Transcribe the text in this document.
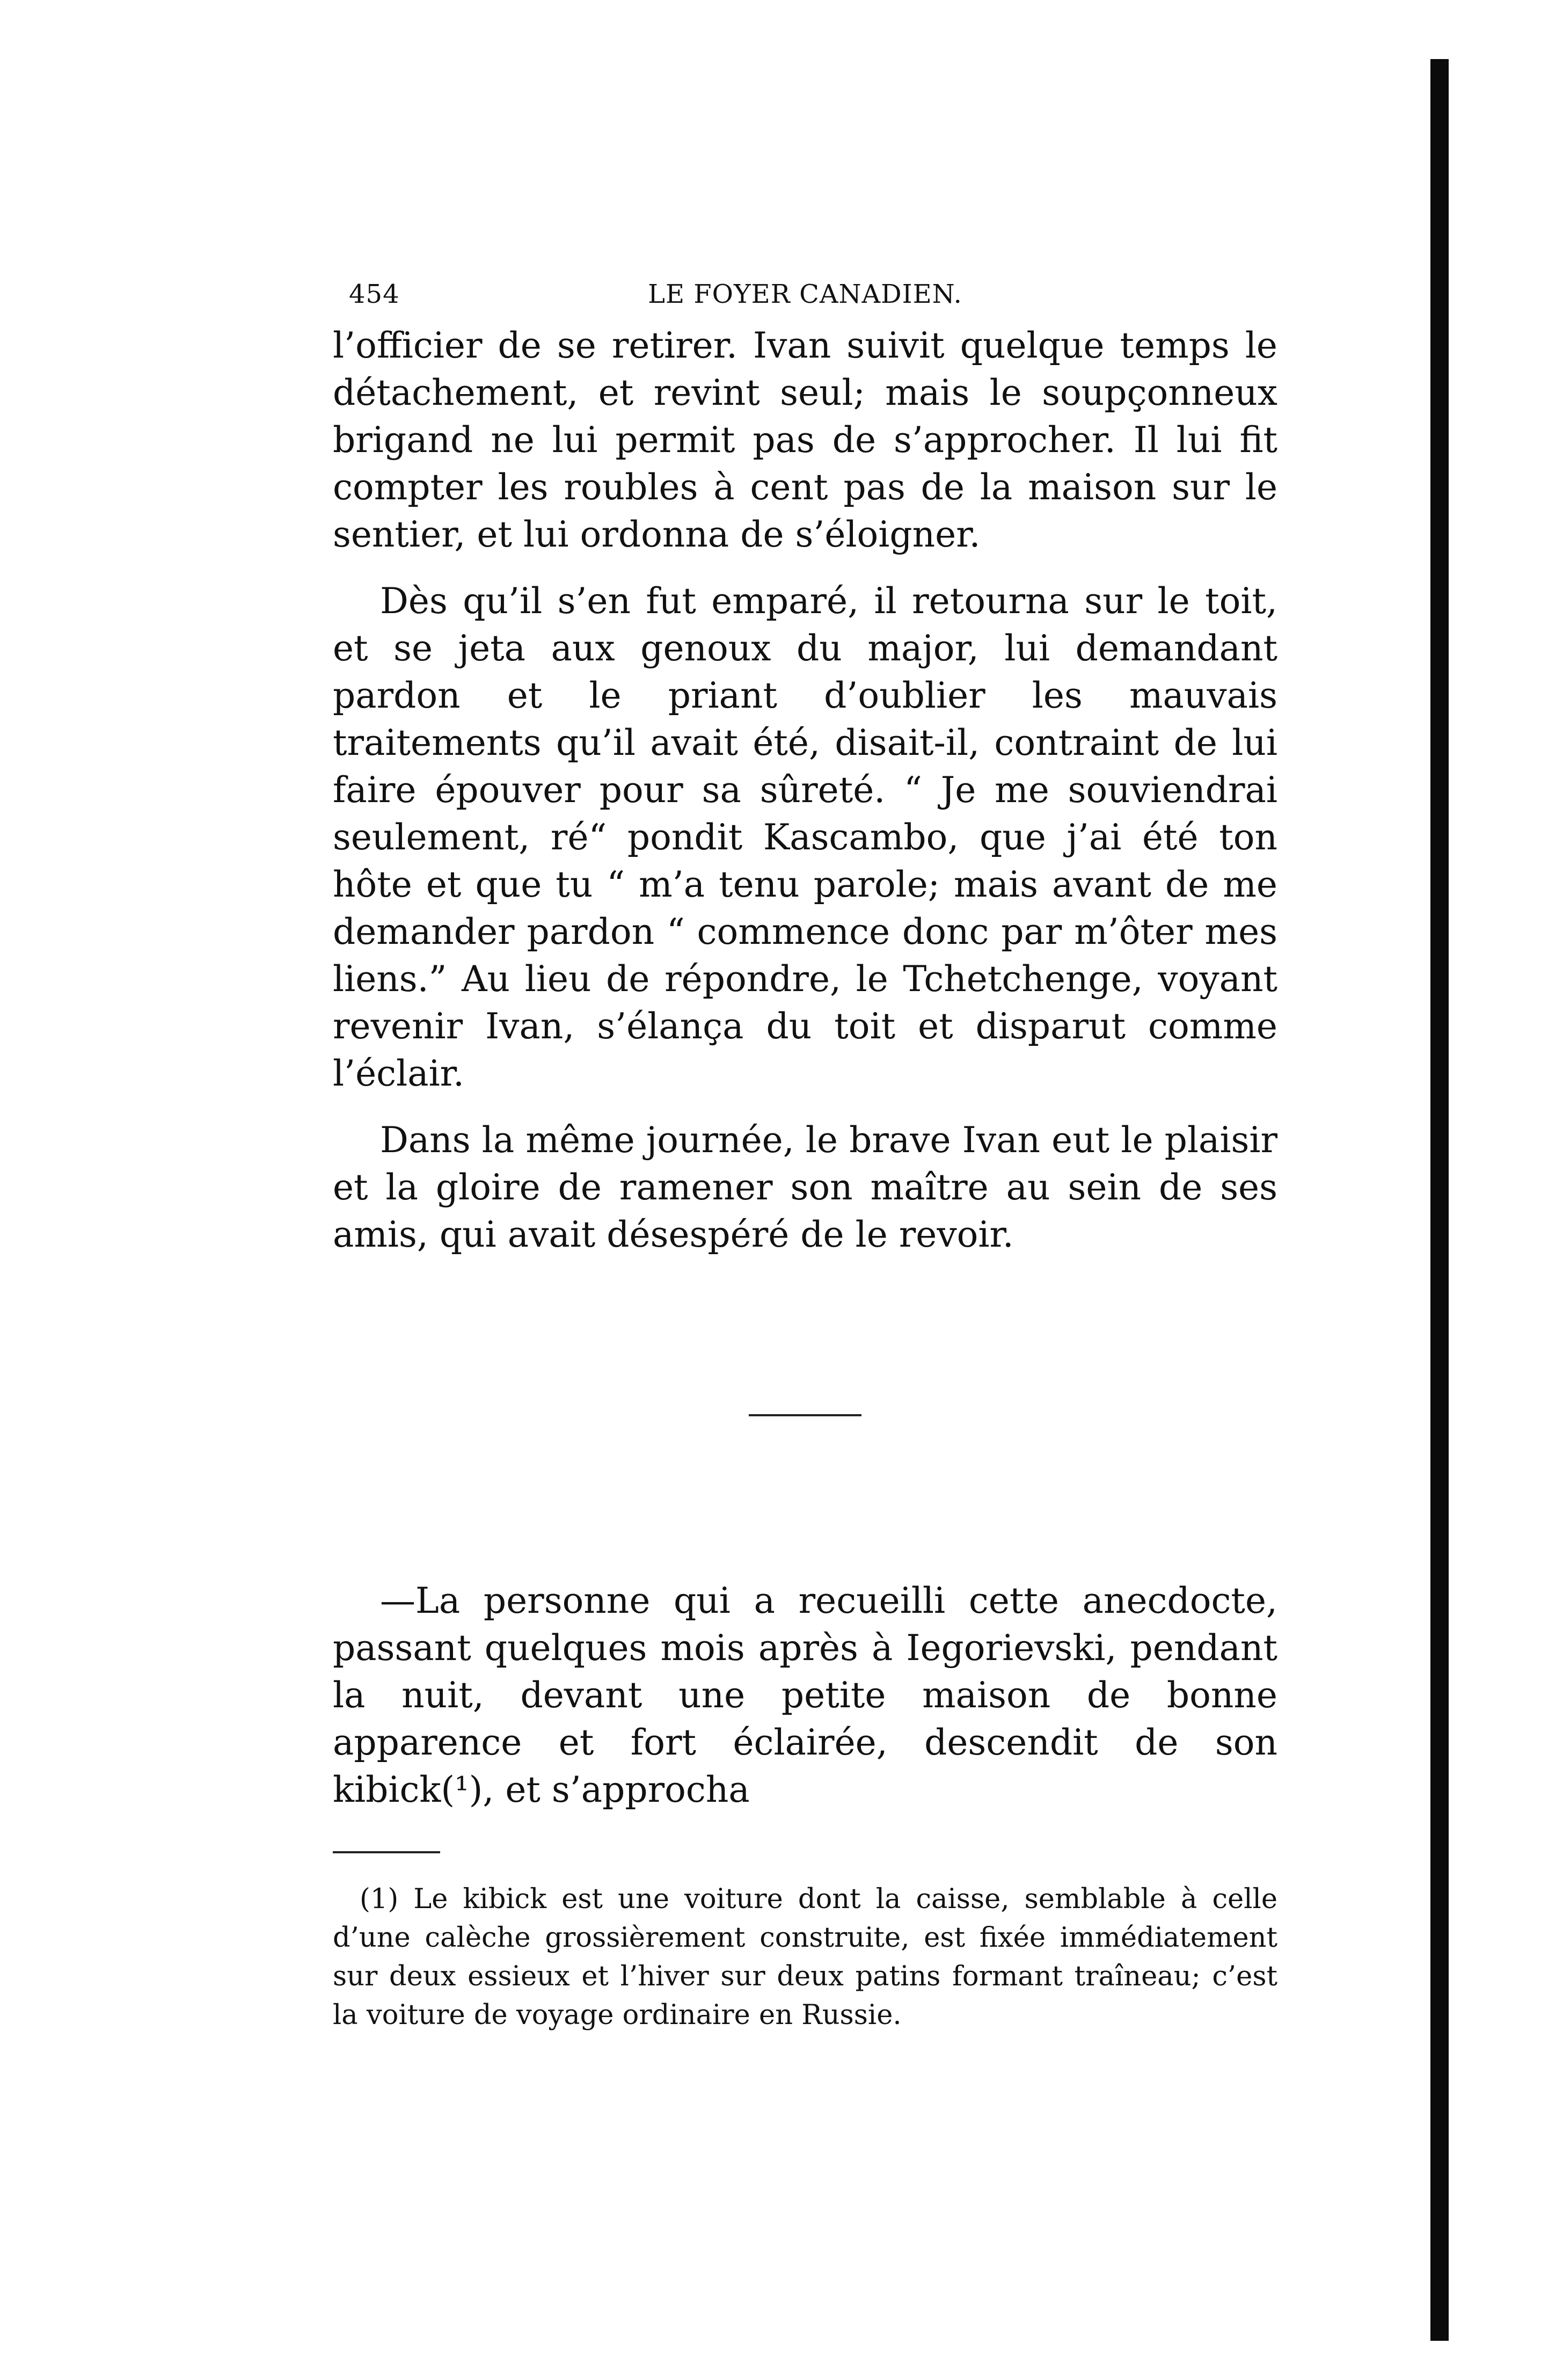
454	LE FOYER CANADIEN.

l’officier de se retirer. Ivan suivit quelque temps le détachement, et revint seul; mais le soupçonneux brigand ne lui permit pas de s’approcher. Il lui fit compter les roubles à cent pas de la maison sur le sentier, et lui ordonna de s’éloigner.

Dès qu’il s’en fut emparé, il retourna sur le toit, et se jeta aux genoux du major, lui demandant pardon et le priant d’oublier les mauvais traitements qu’il avait été, disait-il, contraint de lui faire épouver pour sa sûreté. “ Je me souviendrai seulement, ré“ pondit Kascambo, que j’ai été ton hôte et que tu “ m’a tenu parole; mais avant de me demander pardon “ commence donc par m’ôter mes liens.” Au lieu de répondre, le Tchetchenge, voyant revenir Ivan, s’élança du toit et disparut comme l’éclair.

Dans la même journée, le brave Ivan eut le plaisir et la gloire de ramener son maître au sein de ses amis, qui avait désespéré de le revoir.

—La personne qui a recueilli cette anecdocte, passant quelques mois après à Iegorievski, pendant la nuit, devant une petite maison de bonne apparence et fort éclairée, descendit de son kibick(¹), et s’approcha

(1) Le kibick est une voiture dont la caisse, semblable à celle d’une calèche grossièrement construite, est fixée immédiatement sur deux essieux et l’hiver sur deux patins formant traîneau; c’est la voiture de voyage ordinaire en Russie.
